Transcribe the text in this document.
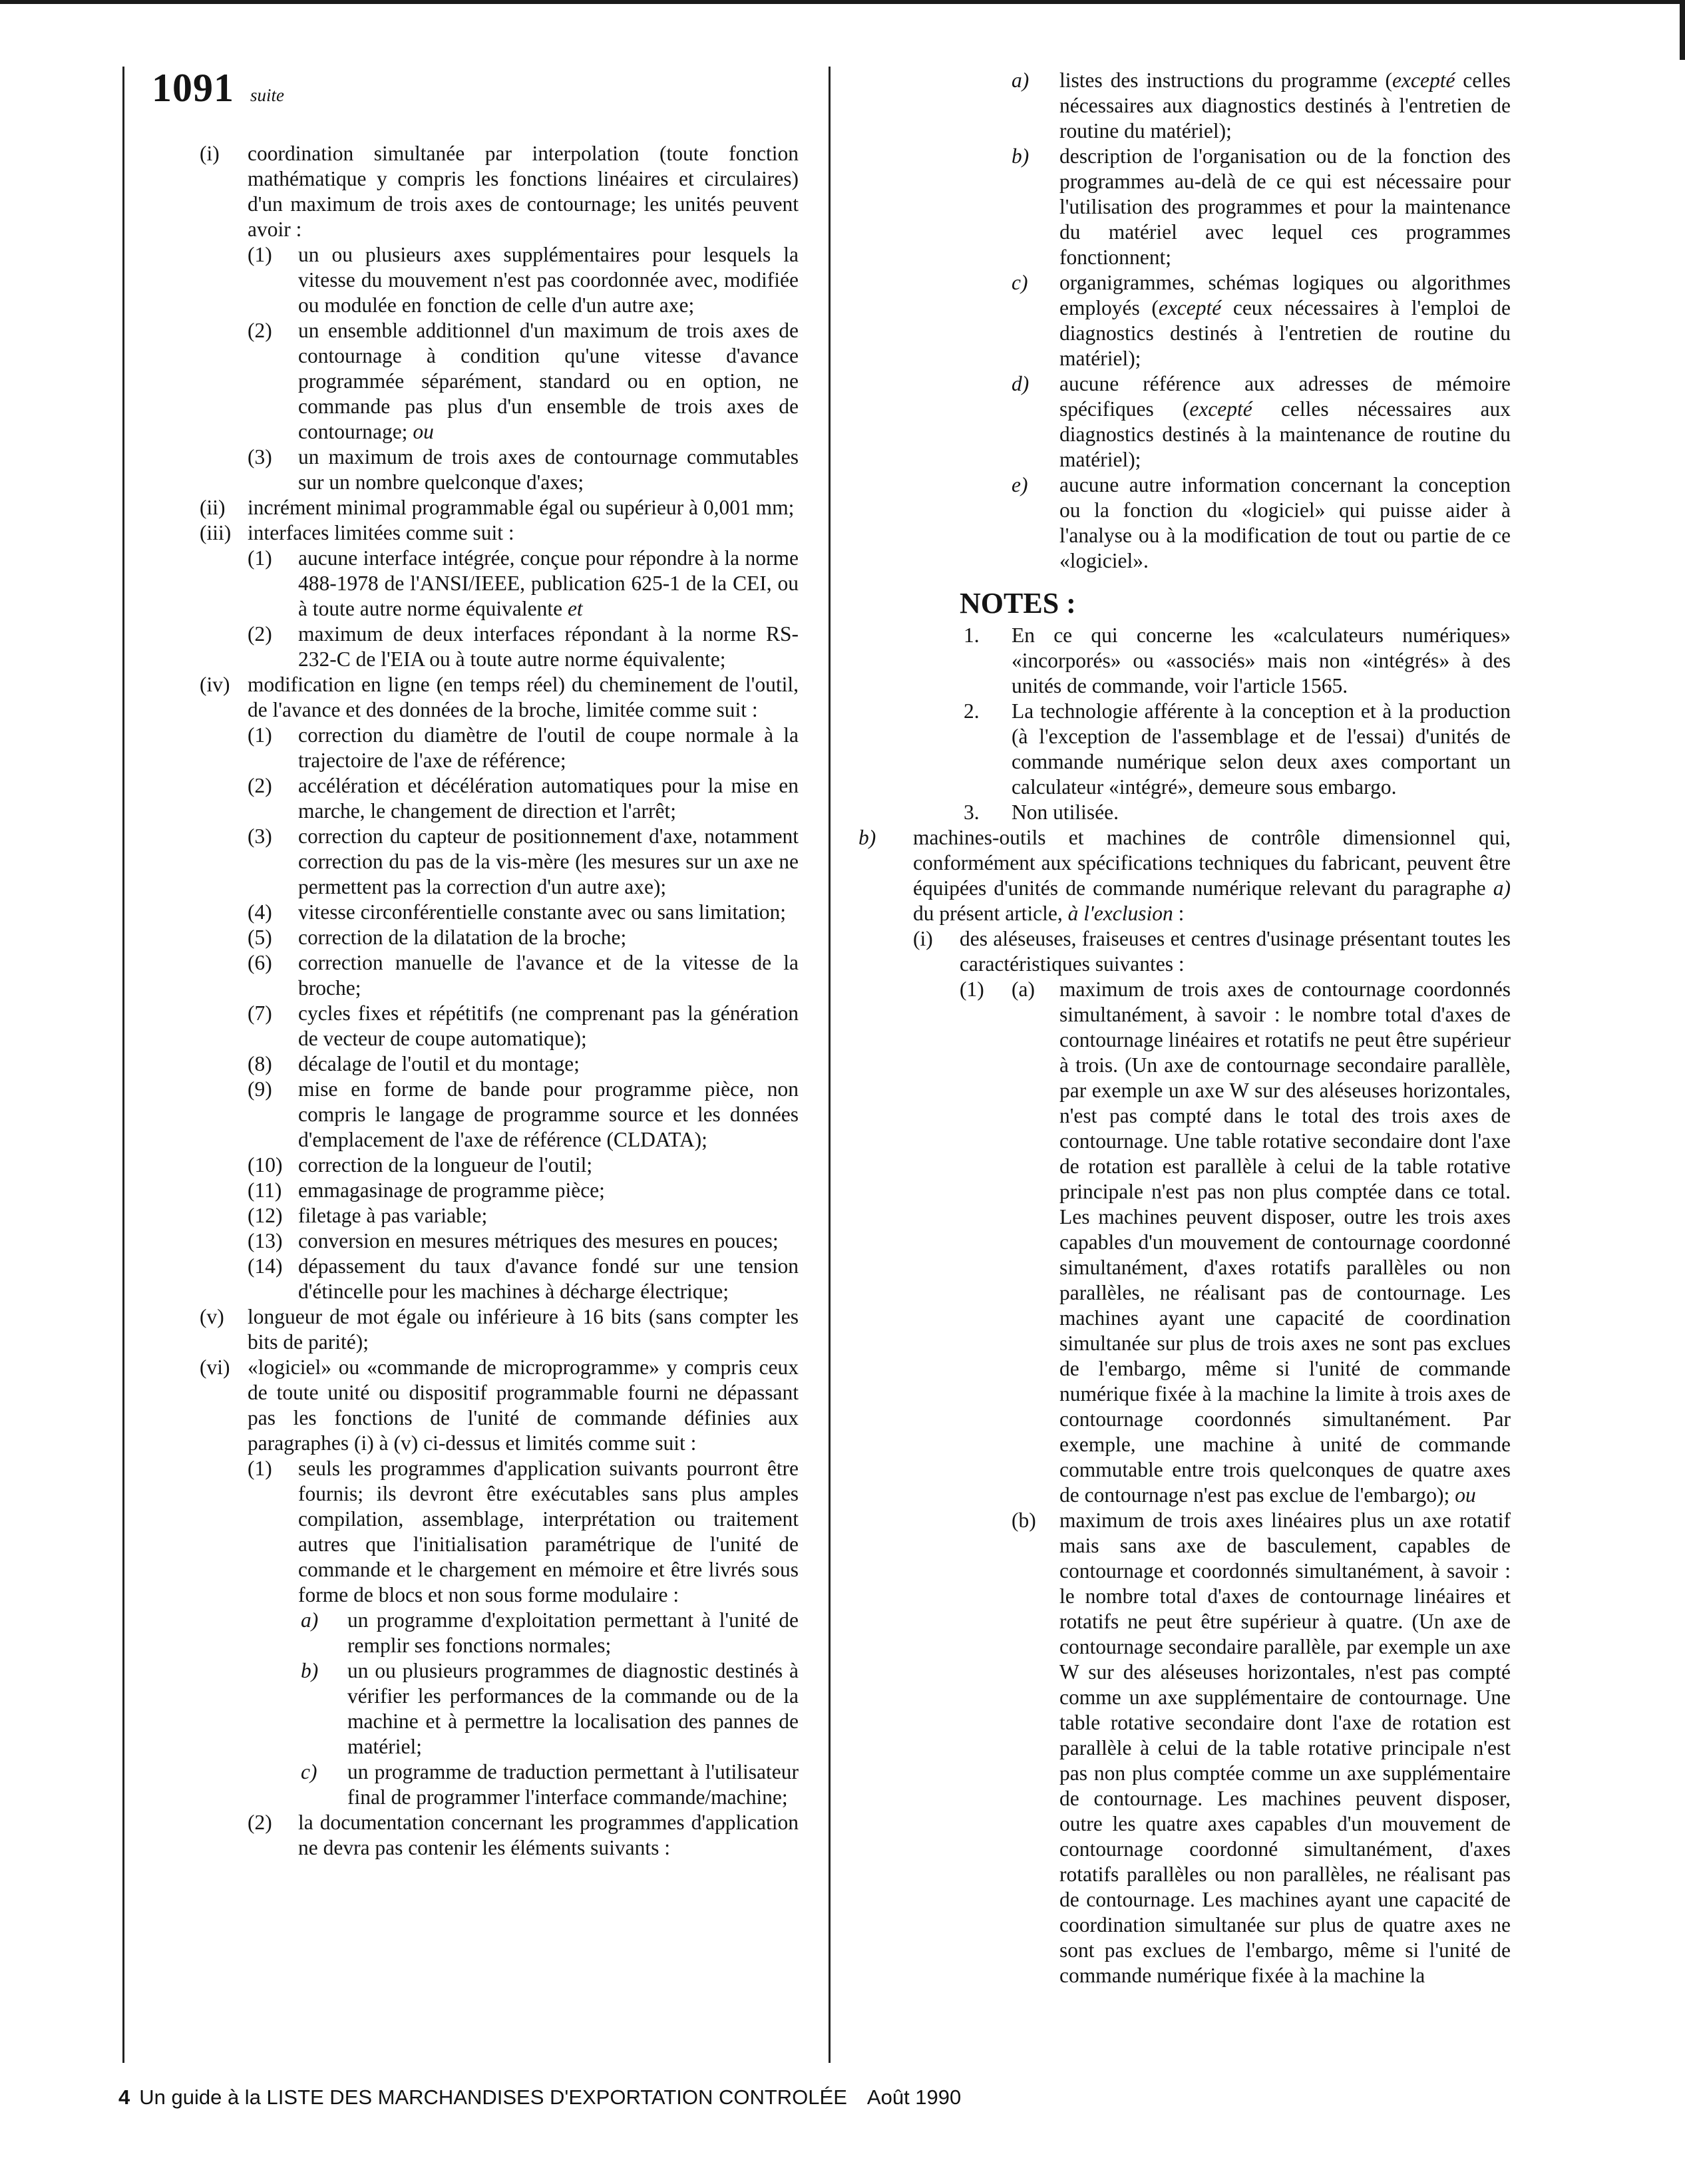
1091 suite
(i) coordination simultanée par interpolation (toute fonction mathématique y compris les fonctions linéaires et circulaires) d'un maximum de trois axes de contournage; les unités peuvent avoir :
(1) un ou plusieurs axes supplémentaires pour lesquels la vitesse du mouvement n'est pas coordonnée avec, modifiée ou modulée en fonction de celle d'un autre axe;
(2) un ensemble additionnel d'un maximum de trois axes de contournage à condition qu'une vitesse d'avance programmée séparément, standard ou en option, ne commande pas plus d'un ensemble de trois axes de contournage; ou
(3) un maximum de trois axes de contournage commutables sur un nombre quelconque d'axes;
(ii) incrément minimal programmable égal ou supérieur à 0,001 mm;
(iii) interfaces limitées comme suit :
(1) aucune interface intégrée, conçue pour répondre à la norme 488-1978 de l'ANSI/IEEE, publication 625-1 de la CEI, ou à toute autre norme équivalente et
(2) maximum de deux interfaces répondant à la norme RS-232-C de l'EIA ou à toute autre norme équivalente;
(iv) modification en ligne (en temps réel) du cheminement de l'outil, de l'avance et des données de la broche, limitée comme suit :
(1) correction du diamètre de l'outil de coupe normale à la trajectoire de l'axe de référence;
(2) accélération et décélération automatiques pour la mise en marche, le changement de direction et l'arrêt;
(3) correction du capteur de positionnement d'axe, notamment correction du pas de la vis-mère (les mesures sur un axe ne permettent pas la correction d'un autre axe);
(4) vitesse circonférentielle constante avec ou sans limitation;
(5) correction de la dilatation de la broche;
(6) correction manuelle de l'avance et de la vitesse de la broche;
(7) cycles fixes et répétitifs (ne comprenant pas la génération de vecteur de coupe automatique);
(8) décalage de l'outil et du montage;
(9) mise en forme de bande pour programme pièce, non compris le langage de programme source et les données d'emplacement de l'axe de référence (CLDATA);
(10) correction de la longueur de l'outil;
(11) emmagasinage de programme pièce;
(12) filetage à pas variable;
(13) conversion en mesures métriques des mesures en pouces;
(14) dépassement du taux d'avance fondé sur une tension d'étincelle pour les machines à décharge électrique;
(v) longueur de mot égale ou inférieure à 16 bits (sans compter les bits de parité);
(vi) «logiciel» ou «commande de microprogramme» y compris ceux de toute unité ou dispositif programmable fourni ne dépassant pas les fonctions de l'unité de commande définies aux paragraphes (i) à (v) ci-dessus et limités comme suit :
(1) seuls les programmes d'application suivants pourront être fournis; ils devront être exécutables sans plus amples compilation, assemblage, interprétation ou traitement autres que l'initialisation paramétrique de l'unité de commande et le chargement en mémoire et être livrés sous forme de blocs et non sous forme modulaire :
a) un programme d'exploitation permettant à l'unité de remplir ses fonctions normales;
b) un ou plusieurs programmes de diagnostic destinés à vérifier les performances de la commande ou de la machine et à permettre la localisation des pannes de matériel;
c) un programme de traduction permettant à l'utilisateur final de programmer l'interface commande/machine;
(2) la documentation concernant les programmes d'application ne devra pas contenir les éléments suivants :
a) listes des instructions du programme (excepté celles nécessaires aux diagnostics destinés à l'entretien de routine du matériel);
b) description de l'organisation ou de la fonction des programmes au-delà de ce qui est nécessaire pour l'utilisation des programmes et pour la maintenance du matériel avec lequel ces programmes fonctionnent;
c) organigrammes, schémas logiques ou algorithmes employés (excepté ceux nécessaires à l'emploi de diagnostics destinés à l'entretien de routine du matériel);
d) aucune référence aux adresses de mémoire spécifiques (excepté celles nécessaires aux diagnostics destinés à la maintenance de routine du matériel);
e) aucune autre information concernant la conception ou la fonction du «logiciel» qui puisse aider à l'analyse ou à la modification de tout ou partie de ce «logiciel».
NOTES :
1. En ce qui concerne les «calculateurs numériques» «incorporés» ou «associés» mais non «intégrés» à des unités de commande, voir l'article 1565.
2. La technologie afférente à la conception et à la production (à l'exception de l'assemblage et de l'essai) d'unités de commande numérique selon deux axes comportant un calculateur «intégré», demeure sous embargo.
3. Non utilisée.
b) machines-outils et machines de contrôle dimensionnel qui, conformément aux spécifications techniques du fabricant, peuvent être équipées d'unités de commande numérique relevant du paragraphe a) du présent article, à l'exclusion :
(i) des aléseuses, fraiseuses et centres d'usinage présentant toutes les caractéristiques suivantes :
(1) (a) maximum de trois axes de contournage coordonnés simultanément, à savoir : le nombre total d'axes de contournage linéaires et rotatifs ne peut être supérieur à trois. (Un axe de contournage secondaire parallèle, par exemple un axe W sur des aléseuses horizontales, n'est pas compté dans le total des trois axes de contournage. Une table rotative secondaire dont l'axe de rotation est parallèle à celui de la table rotative principale n'est pas non plus comptée dans ce total. Les machines peuvent disposer, outre les trois axes capables d'un mouvement de contournage coordonné simultanément, d'axes rotatifs parallèles ou non parallèles, ne réalisant pas de contournage. Les machines ayant une capacité de coordination simultanée sur plus de trois axes ne sont pas exclues de l'embargo, même si l'unité de commande numérique fixée à la machine la limite à trois axes de contournage coordonnés simultanément. Par exemple, une machine à unité de commande commutable entre trois quelconques de quatre axes de contournage n'est pas exclue de l'embargo); ou
(b) maximum de trois axes linéaires plus un axe rotatif mais sans axe de basculement, capables de contournage et coordonnés simultanément, à savoir : le nombre total d'axes de contournage linéaires et rotatifs ne peut être supérieur à quatre. (Un axe de contournage secondaire parallèle, par exemple un axe W sur des aléseuses horizontales, n'est pas compté comme un axe supplémentaire de contournage. Une table rotative secondaire dont l'axe de rotation est parallèle à celui de la table rotative principale n'est pas non plus comptée comme un axe supplémentaire de contournage. Les machines peuvent disposer, outre les quatre axes capables d'un mouvement de contournage coordonné simultanément, d'axes rotatifs parallèles ou non parallèles, ne réalisant pas de contournage. Les machines ayant une capacité de coordination simultanée sur plus de quatre axes ne sont pas exclues de l'embargo, même si l'unité de commande numérique fixée à la machine la
4 Un guide à la LISTE DES MARCHANDISES D'EXPORTATION CONTROLÉE Août 1990
